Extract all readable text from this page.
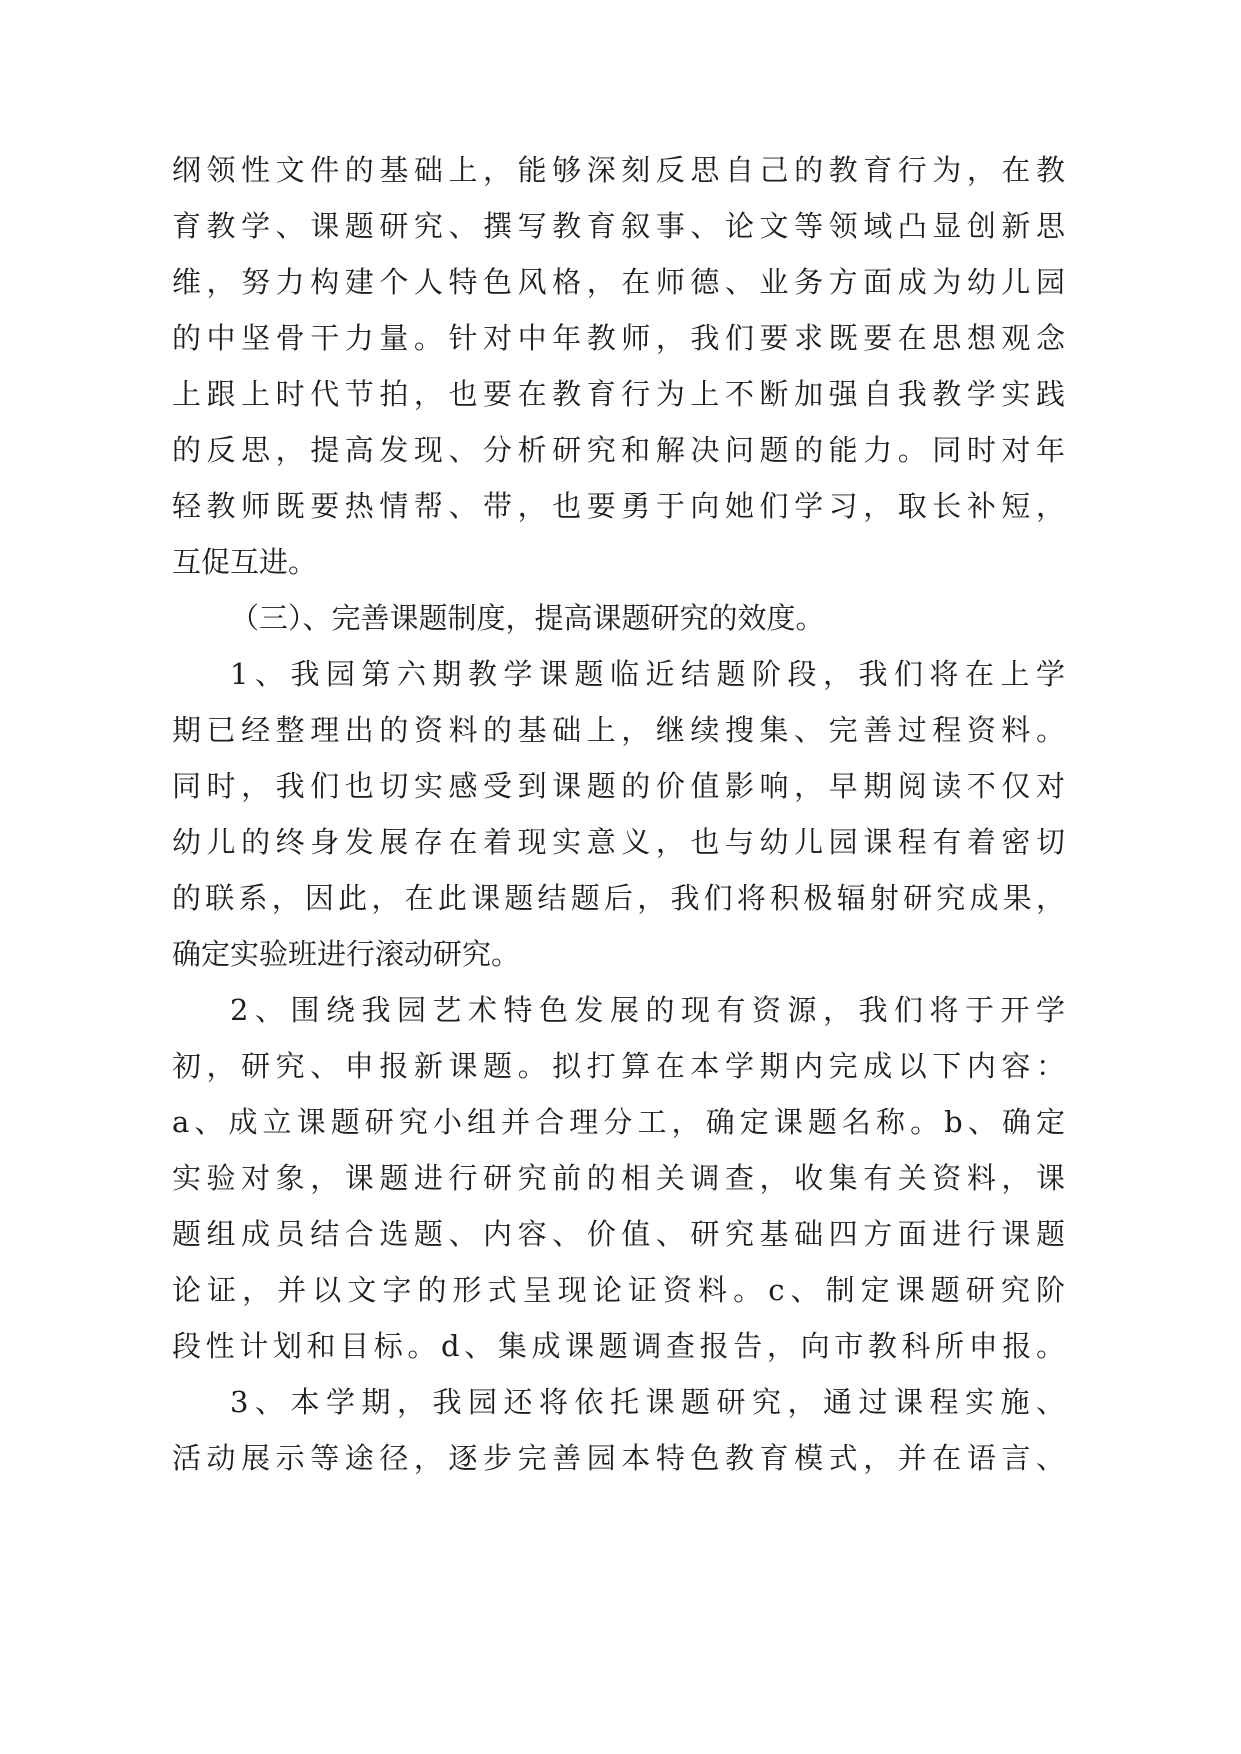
纲领性文件的基础上，能够深刻反思自己的教育行为，在教
育教学、课题研究、撰写教育叙事、论文等领域凸显创新思
维，努力构建个人特色风格，在师德、业务方面成为幼儿园
的中坚骨干力量。针对中年教师，我们要求既要在思想观念
上跟上时代节拍，也要在教育行为上不断加强自我教学实践
的反思，提高发现、分析研究和解决问题的能力。同时对年
轻教师既要热情帮、带，也要勇于向她们学习，取长补短，
互促互进。
（三）、完善课题制度，提高课题研究的效度。
1、我园第六期教学课题临近结题阶段，我们将在上学
期已经整理出的资料的基础上，继续搜集、完善过程资料。
同时，我们也切实感受到课题的价值影响，早期阅读不仅对
幼儿的终身发展存在着现实意义，也与幼儿园课程有着密切
的联系，因此，在此课题结题后，我们将积极辐射研究成果，
确定实验班进行滚动研究。
2、围绕我园艺术特色发展的现有资源，我们将于开学
初，研究、申报新课题。拟打算在本学期内完成以下内容：
a、成立课题研究小组并合理分工，确定课题名称。b、确定
实验对象，课题进行研究前的相关调查，收集有关资料，课
题组成员结合选题、内容、价值、研究基础四方面进行课题
论证，并以文字的形式呈现论证资料。c、制定课题研究阶
段性计划和目标。d、集成课题调查报告，向市教科所申报。
3、本学期，我园还将依托课题研究，通过课程实施、
活动展示等途径，逐步完善园本特色教育模式，并在语言、
